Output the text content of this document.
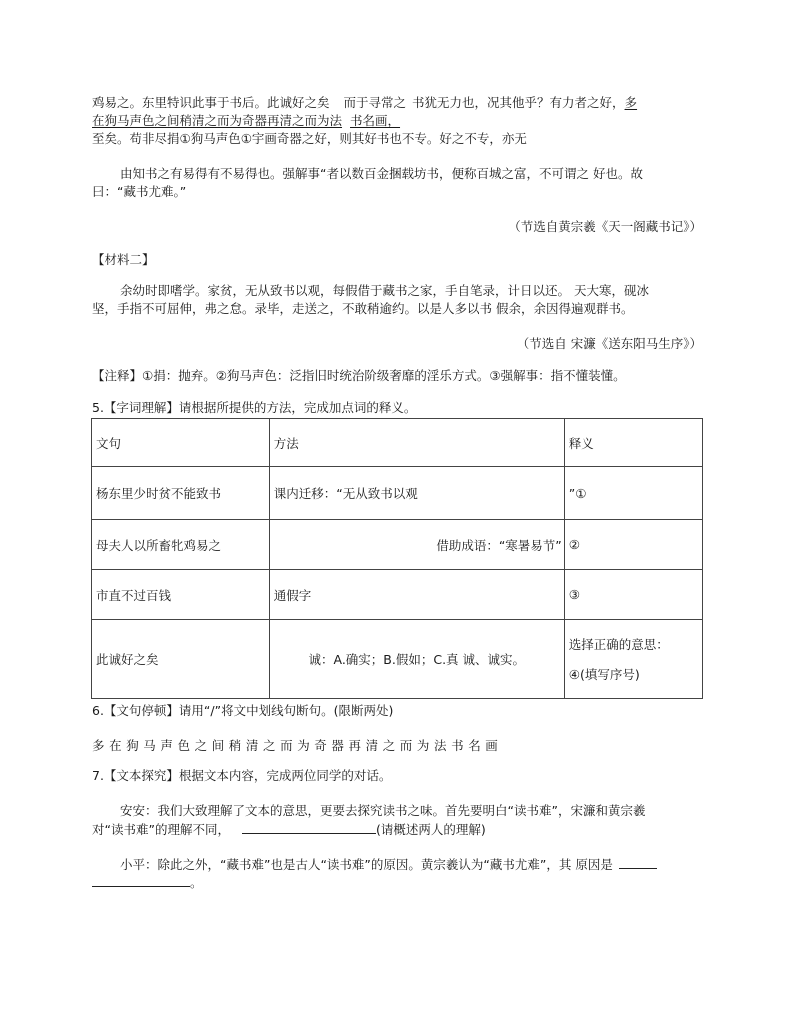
鸡易之。东里特识此事于书后。此诚好之矣 而于寻常之 书犹无力也，况其他乎？有力者之好，多
在狗马声色之间稍清之而为奇器再清之而为法 书名画，
至矣。苟非尽捐①狗马声色①宇画奇器之好，则其好书也不专。好之不专，亦无
由知书之有易得有不易得也。强解事“者以数百金捆载坊书，便称百城之富，不可谓之 好也。故
曰：“藏书尤难。”
（节选自黄宗羲《天一阁藏书记》）
【材料二】
余幼时即嗜学。家贫，无从致书以观，每假借于藏书之家，手自笔录，计日以还。 天大寒，砚冰
坚，手指不可屈伸，弗之怠。录毕，走送之，不敢稍逾约。以是人多以书 假余，余因得遍观群书。
（节选自 宋濂《送东阳马生序》）
【注释】①捐：抛弃。②狗马声色：泛指旧时统治阶级奢靡的淫乐方式。③强解事：指不懂装懂。
5.【字词理解】请根据所提供的方法，完成加点词的释义。
文句	方法	释义
杨东里少时贫不能致书	课内迁移：“无从致书以观	”①
母夫人以所畜牝鸡易之	借助成语：“寒暑易节”	②
市直不过百钱	通假字	③
此诚好之矣	诚：A.确实；B.假如；C.真 诚、诚实。	选择正确的意思：
④(填写序号)
6.【文句停顿】请用“/”将文中划线句断句。(限断两处)
多在狗马声色之间稍清之而为奇器再清之而为法书名画
7.【文本探究】根据文本内容，完成两位同学的对话。
安安：我们大致理解了文本的意思，更要去探究读书之味。首先要明白“读书难”，宋濂和黄宗羲
对“读书难”的理解不同，	(请概述两人的理解)
小平：除此之外，“藏书难”也是古人“读书难”的原因。黄宗羲认为“藏书尤难”，其 原因是
。
